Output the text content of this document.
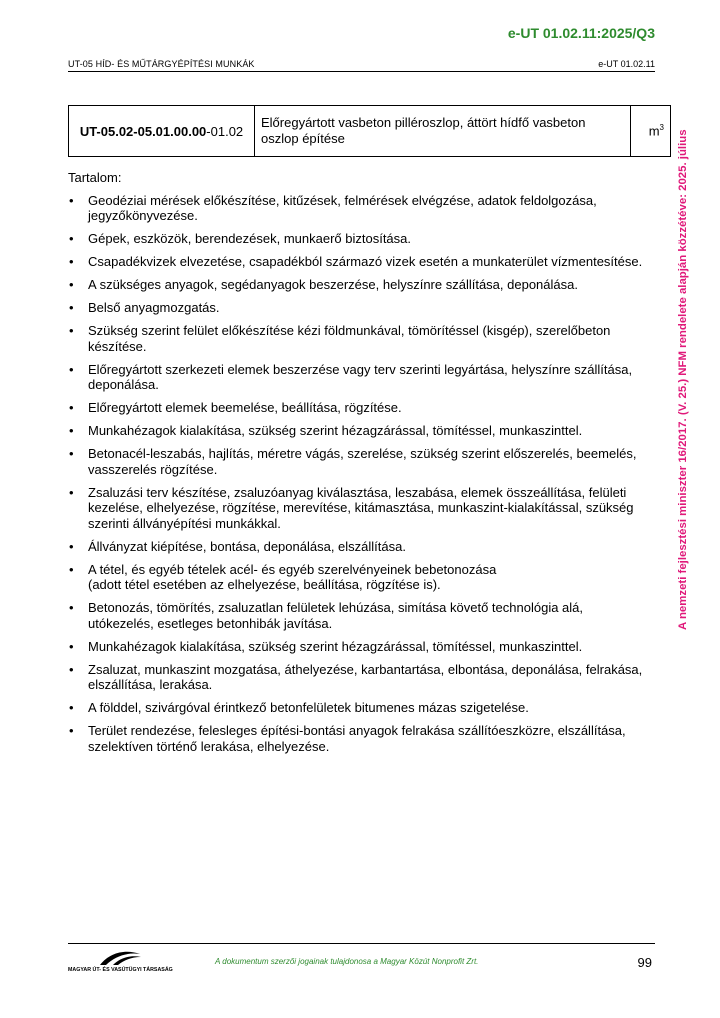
e-UT 01.02.11:2025/Q3
UT-05 HÍD- ÉS MŰTÁRGYÉPÍTÉSI MUNKÁK	e-UT 01.02.11
UT-05.02-05.01.00.00-01.02	Előregyártott vasbeton pilléroszlop, áttört hídfő vasbeton oszlop építése	$m^3$

Tartalom:

• Geodéziai mérések előkészítése, kitűzések, felmérések elvégzése, adatok feldolgozása, jegyzőkönyvezése.
• Gépek, eszközök, berendezések, munkaerő biztosítása.
• Csapadékvizek elvezetése, csapadékból származó vizek esetén a munkaterület vízmentesítése.
• A szükséges anyagok, segédanyagok beszerzése, helyszínre szállítása, deponálása.
• Belső anyagmozgatás.
• Szükség szerint felület előkészítése kézi földmunkával, tömörítéssel (kisgép), szerelőbeton készítése.
• Előregyártott szerkezeti elemek beszerzése vagy terv szerinti legyártása, helyszínre szállítása, deponálása.
• Előregyártott elemek beemelése, beállítása, rögzítése.
• Munkahézagok kialakítása, szükség szerint hézagzárással, tömítéssel, munkaszinttel.
• Betonacél-leszabás, hajlítás, méretre vágás, szerelése, szükség szerint előszerelés, beemelés, vasszerelés rögzítése.
• Zsaluzási terv készítése, zsaluzóanyag kiválasztása, leszabása, elemek összeállítása, felületi kezelése, elhelyezése, rögzítése, merevítése, kitámasztása, munkaszint-kialakítással, szükség szerinti állványépítési munkákkal.
• Állványzat kiépítése, bontása, deponálása, elszállítása.
• A tétel, és egyéb tételek acél- és egyéb szerelvényeinek bebetonozása
(adott tétel esetében az elhelyezése, beállítása, rögzítése is).
• Betonozás, tömörítés, zsaluzatlan felületek lehúzása, simítása követő technológia alá, utókezelés, esetleges betonhibák javítása.
• Munkahézagok kialakítása, szükség szerint hézagzárással, tömítéssel, munkaszinttel.
• Zsaluzat, munkaszint mozgatása, áthelyezése, karbantartása, elbontása, deponálása, felrakása, elszállítása, lerakása.
• A földdel, szivárgóval érintkező betonfelületek bitumenes mázas szigetelése.
• Terület rendezése, felesleges építési-bontási anyagok felrakása szállítóeszközre, elszállítása, szelektíven történő lerakása, elhelyezése.
A nemzeti fejlesztési miniszter 16/2017. (V. 25.) NFM rendelete alapján közzétéve: 2025. július
MAGYAR ÚT- ÉS VASÚTÜGYI TÁRSASÁG
A dokumentum szerzői jogainak tulajdonosa a Magyar Közút Nonprofit Zrt.	99
